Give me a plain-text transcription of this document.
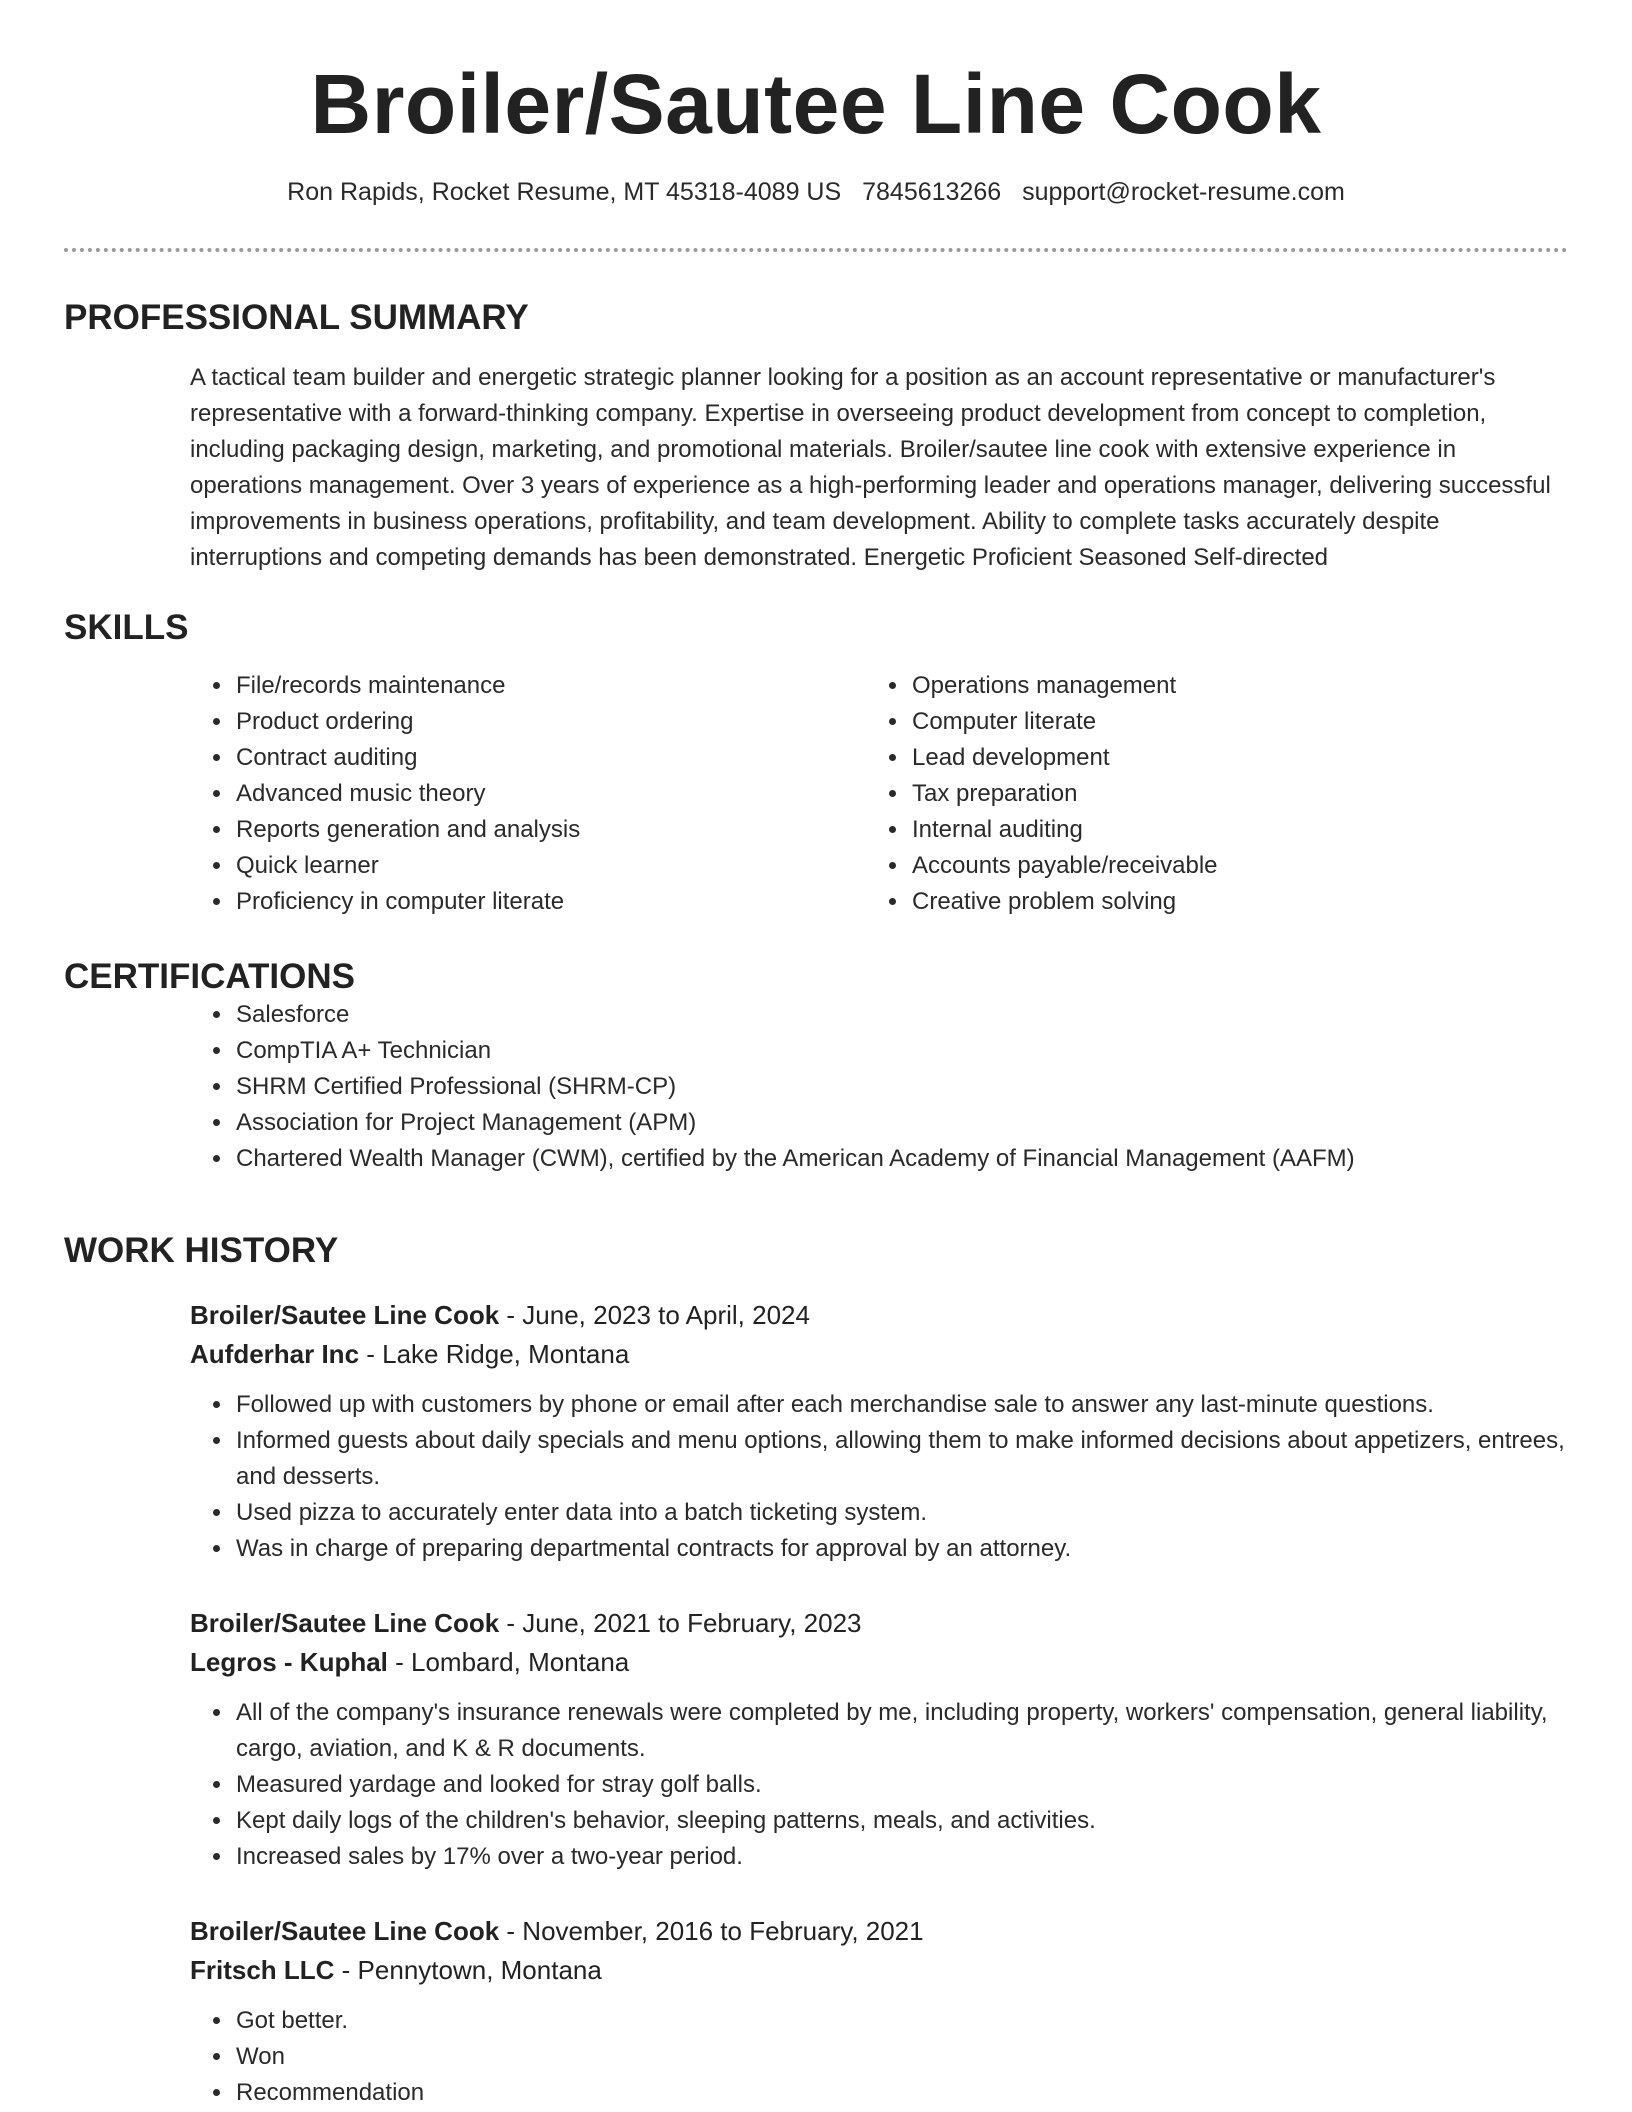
Broiler/Sautee Line Cook
Ron Rapids, Rocket Resume, MT 45318-4089 US 7845613266 support@rocket-resume.com
PROFESSIONAL SUMMARY
A tactical team builder and energetic strategic planner looking for a position as an account representative or manufacturer's representative with a forward-thinking company. Expertise in overseeing product development from concept to completion, including packaging design, marketing, and promotional materials. Broiler/sautee line cook with extensive experience in operations management. Over 3 years of experience as a high-performing leader and operations manager, delivering successful improvements in business operations, profitability, and team development. Ability to complete tasks accurately despite interruptions and competing demands has been demonstrated. Energetic Proficient Seasoned Self-directed
SKILLS
• File/records maintenance
• Product ordering
• Contract auditing
• Advanced music theory
• Reports generation and analysis
• Quick learner
• Proficiency in computer literate
• Operations management
• Computer literate
• Lead development
• Tax preparation
• Internal auditing
• Accounts payable/receivable
• Creative problem solving
CERTIFICATIONS
• Salesforce
• CompTIA A+ Technician
• SHRM Certified Professional (SHRM-CP)
• Association for Project Management (APM)
• Chartered Wealth Manager (CWM), certified by the American Academy of Financial Management (AAFM)
WORK HISTORY

Broiler/Sautee Line Cook - June, 2023 to April, 2024

Aufderhar Inc - Lake Ridge, Montana

• Followed up with customers by phone or email after each merchandise sale to answer any last-minute questions.
• Informed guests about daily specials and menu options, allowing them to make informed decisions about appetizers, entrees, and desserts.
• Used pizza to accurately enter data into a batch ticketing system.
• Was in charge of preparing departmental contracts for approval by an attorney.

Broiler/Sautee Line Cook - June, 2021 to February, 2023

Legros - Kuphal - Lombard, Montana

• All of the company's insurance renewals were completed by me, including property, workers' compensation, general liability, cargo, aviation, and K & R documents.
• Measured yardage and looked for stray golf balls.
• Kept daily logs of the children's behavior, sleeping patterns, meals, and activities.
• Increased sales by 17% over a two-year period.

Broiler/Sautee Line Cook - November, 2016 to February, 2021

Fritsch LLC - Pennytown, Montana

• Got better.
• Won
• Recommendation
